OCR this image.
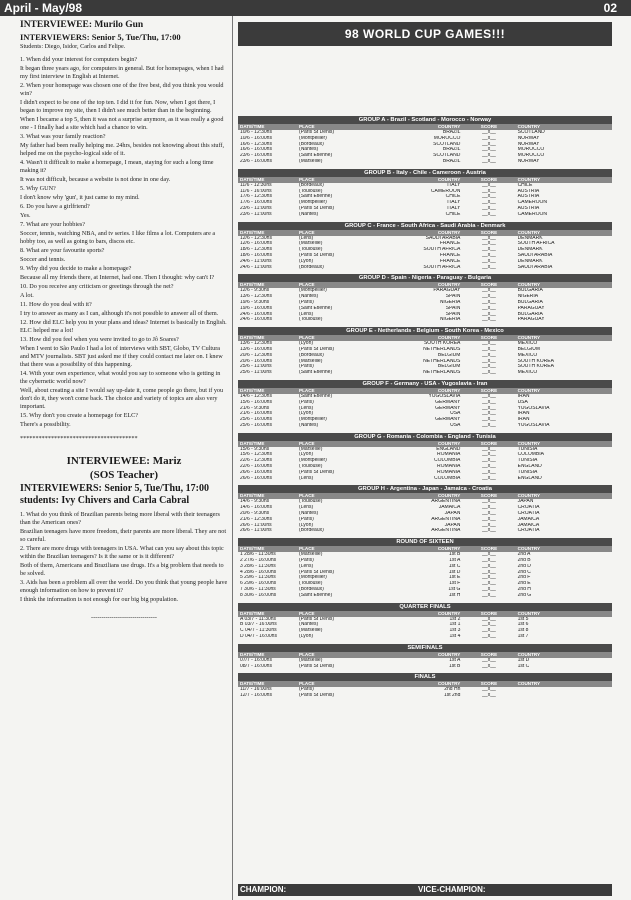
April - May/98	02

INTERVIEWEE: Murilo Gun

INTERVIEWERS: Senior 5, Tue/Thu, 17:00

Students: Diego, Isidor, Carlos and Felipe.

1. When did your interest for computers begin?

It began three years ago, for computers in general. But for homepages, when I had my first interview in English at Internet.

2. When your homepage was chosen one of the five best, did you think you would win?

I didn't expect to be one of the top ten. I did it for fun. Now, when I got there, I began to improve my site, then I didn't see much better than in the beginning.

When I became a top 5, then it was not a surprise anymore, as it was really a good one - I finally had a site which had a chance to win.

3. What was your family reaction?

My father had been really helping me. 24hrs, besides not knowing about this stuff, helped me on the psycho-logical side of it.

4. Wasn't it difficult to make a homepage, I mean, staying for such a long time making it?

It was not difficult, because a website is not done in one day.

5. Why GUN?

I don't know why 'gun', it just came to my mind.

6. Do you have a girlfriend?

Yes.

7. What are your hobbies?

Soccer, tennis, watching NBA, and tv series. I like films a lot. Computers are a hobby too, as well as going to bars, discos etc.

8. What are your favourite sports?

Soccer and tennis.

9. Why did you decide to make a homepage?

Because all my friends there, at Internet, had one. Then I thought: why can't I?

10. Do you receive any criticism or greetings through the net?

A lot.

11. How do you deal with it?

I try to answer as many as I can, although it's not possible to answer all of them.

12. How did ELC help you in your plans and ideas? Internet is basically in English. ELC helped me a lot!

13. How did you feel when you were invited to go to Jô Soares?

When I went to São Paulo I had a lot of interviews with SBT, Globo, TV Cultura and MTV journalists. SBT just asked me if they could contact me later on. I knew that there was a possibility of this happening.

14. With your own experience, what would you say to someone who is getting in the cybernetic world now?

Well, about creating a site I would say up-date it, come people go there, but if you don't do it, they won't come back. The choice and variety of topics are also very important.

15. Why don't you create a homepage for ELC?

There's a possibility.

**************************************

INTERVIEWEE: Mariz

(SOS Teacher)

INTERVIEWERS: Senior 5, Tue/Thu, 17:00 students: Ivy Chivers and Carla Cabral

1. What do you think of Brazilian parents being more liberal with their teenagers than the American ones?

Brazilian teenagers have more freedom, their parents are more liberal. They are not so careful.

2. There are more drugs with teenagers in USA. What can you say about this topic within the Brazilian teenagers? Is it the same or is it different?

Both of them, Americans and Brazilians use drugs. It's a big problem that needs to be solved.

3. Aids has been a problem all over the world. Do you think that young people have enough information on how to prevent it?

I think the information is not enough for our big big population.

--------------------------------
98 WORLD CUP GAMES!!!
GROUP A - Brazil - Scotland - Morocco - Norway
DATE/TIME	PLACE	COUNTRY	SCORE	COUNTRY
10/6 - 12:30hs	(Paris St Denis)	BRAZIL	__x__	SCOTLAND
10/6 - 16:00hs	(Montpellier)	MOROCCO	__x__	NORWAY
16/6 - 12:30hs	(Bordeaux)	SCOTLAND	__x__	NORWAY
16/6 - 16:00hs	(Nantes)	BRAZIL	__x__	MOROCCO
23/6 - 16:00hs	(Saint Etienne)	SCOTLAND	__x__	MOROCCO
23/6 - 16:00hs	(Marseille)	BRAZIL	__x__	NORWAY
GROUP B - Italy - Chile - Cameroon - Austria
DATE/TIME	PLACE	COUNTRY	SCORE	COUNTRY
11/6 - 12:30hs	(Bordeaux)	ITALY	__x__	CHILE
11/6 - 16:00hs	(Toulouse)	CAMEROON	__x__	AUSTRIA
17/6 - 12:30hs	(Saint Etienne)	CHILE	__x__	AUSTRIA
17/6 - 16:00hs	(Montpellier)	ITALY	__x__	CAMEROON
23/6 - 11:00hs	(Paris St Denis)	ITALY	__x__	AUSTRIA
23/6 - 11:00hs	(Nantes)	CHILE	__x__	CAMEROON
GROUP C - France - South Africa - Saudi Arabia - Denmark
DATE/TIME	PLACE	COUNTRY	SCORE	COUNTRY
12/6 - 12:30hs	(Lens)	SAUDI ARABIA	__x__	DENMARK
12/6 - 16:00hs	(Marseille)	FRANCE	__x__	SOUTH AFRICA
18/6 - 12:30hs	(Toulouse)	SOUTH AFRICA	__x__	DENMARK
18/6 - 16:00hs	(Paris St Denis)	FRANCE	__x__	SAUDI ARABIA
24/6 - 11:00hs	(Lyon)	FRANCE	__x__	DENMARK
24/6 - 11:00hs	(Bordeaux)	SOUTH AFRICA	__x__	SAUDI ARABIA
GROUP D - Spain - Nigeria - Paraguay - Bulgaria
DATE/TIME	PLACE	COUNTRY	SCORE	COUNTRY
12/6 - 9:30hs	(Montpellier)	PARAGUAY	__x__	BULGARIA
13/6 - 12:30hs	(Nantes)	SPAIN	__x__	NIGERIA
19/6 - 9:30hs	(Paris)	NIGERIA	__x__	BULGARIA
19/6 - 16:00hs	(Saint Etienne)	SPAIN	__x__	PARAGUAY
24/6 - 16:00hs	(Lens)	SPAIN	__x__	BULGARIA
24/6 - 16:00hs	(Toulouse)	NIGERIA	__x__	PARAGUAY
GROUP E - Netherlands - Belgium - South Korea - Mexico
DATE/TIME	PLACE	COUNTRY	SCORE	COUNTRY
13/6 - 12:30hs	(Lyon)	SOUTH KOREA	__x__	MEXICO
13/6 - 16:00hs	(Paris St Denis)	NETHERLANDS	__x__	BELGIUM
20/6 - 12:30hs	(Bordeaux)	BELGIUM	__x__	MEXICO
20/6 - 16:00hs	(Marseille)	NETHERLANDS	__x__	SOUTH KOREA
25/6 - 11:00hs	(Paris)	BELGIUM	__x__	SOUTH KOREA
25/6 - 11:00hs	(Saint Etienne)	NETHERLANDS	__x__	MEXICO
GROUP F - Germany - USA - Yugoslavia - Iran
DATE/TIME	PLACE	COUNTRY	SCORE	COUNTRY
14/6 - 12:30hs	(Saint Etienne)	YUGOSLAVIA	__x__	IRAN
15/6 - 16:00hs	(Paris)	GERMANY	__x__	USA
21/6 - 9:30hs	(Lens)	GERMANY	__x__	YUGOSLAVIA
21/6 - 16:00hs	(Lyon)	USA	__x__	IRAN
25/6 - 16:00hs	(Montpellier)	GERMANY	__x__	IRAN
25/6 - 16:00hs	(Nantes)	USA	__x__	YUGOSLAVIA
GROUP G - Romania - Colombia - England - Tunisia
DATE/TIME	PLACE	COUNTRY	SCORE	COUNTRY
15/6 - 9:30hs	(Marseille)	ENGLAND	__x__	TUNISIA
15/6 - 12:30hs	(Lyon)	ROMANIA	__x__	COLOMBIA
22/6 - 12:30hs	(Montpellier)	COLOMBIA	__x__	TUNISIA
22/6 - 16:00hs	(Toulouse)	ROMANIA	__x__	ENGLAND
26/6 - 16:00hs	(Paris St Denis)	ROMANIA	__x__	TUNISIA
26/6 - 16:00hs	(Lens)	COLOMBIA	__x__	ENGLAND
GROUP H - Argentina - Japan - Jamaica - Croatia
DATE/TIME	PLACE	COUNTRY	SCORE	COUNTRY
14/6 - 9:30hs	(Toulouse)	ARGENTINA	__x__	JAPAN
14/6 - 16:00hs	(Lens)	JAMAICA	__x__	CROATIA
20/6 - 9:30hs	(Nantes)	JAPAN	__x__	CROATIA
21/6 - 12:30hs	(Paris)	ARGENTINA	__x__	JAMAICA
26/6 - 11:00hs	(Lyon)	JAPAN	__x__	JAMAICA
26/6 - 11:00hs	(Bordeaux)	ARGENTINA	__x__	CROATIA
ROUND OF SIXTEEN
DATE/TIME	PLACE	COUNTRY	SCORE	COUNTRY
1 28/6 - 11:30hs	(Marseille)	1st B	__x__	2nd A
2 27/6 - 16:00hs	(Paris)	1st A	__x__	2nd B
3 28/6 - 11:30hs	(Lens)	1st C	__x__	2nd D
4 28/6 - 16:00hs	(Paris St Denis)	1st D	__x__	2nd C
5 29/6 - 11:30hs	(Montpellier)	1st E	__x__	2nd F
6 29/6 - 16:00hs	(Toulouse)	1st F	__x__	2nd E
7 30/6 - 11:30hs	(Bordeaux)	1st G	__x__	2nd H
8 30/6 - 16:00hs	(Saint Etienne)	1st H	__x__	2nd G
QUARTER FINALS
DATE/TIME	PLACE	COUNTRY	SCORE	COUNTRY
A 03/7 - 11:30hs	(Paris St Denis)	1st 2	__x__	1st 5
B 03/7 - 16:00hs	(Nantes)	1st 1	__x__	1st 6
C 04/7 - 11:30hs	(Marseille)	1st 3	__x__	1st 8
D 04/7 - 16:00hs	(Lyon)	1st 4	__x__	1st 7
SEMIFINALS
DATE/TIME	PLACE	COUNTRY	SCORE	COUNTRY
07/7 - 16:00hs	(Marseille)	1st A	__x__	1st D
08/7 - 16:00hs	(Paris St Denis)	1st B	__x__	1st C
FINALS
DATE/TIME	PLACE	COUNTRY	SCORE	COUNTRY
11/7 - 16:00hs	(Paris)	2nd Hh	__x__
12/7 - 16:00hs	(Paris St Denis)	1st 2nd	__x__
CHAMPION:	VICE-CHAMPION:
